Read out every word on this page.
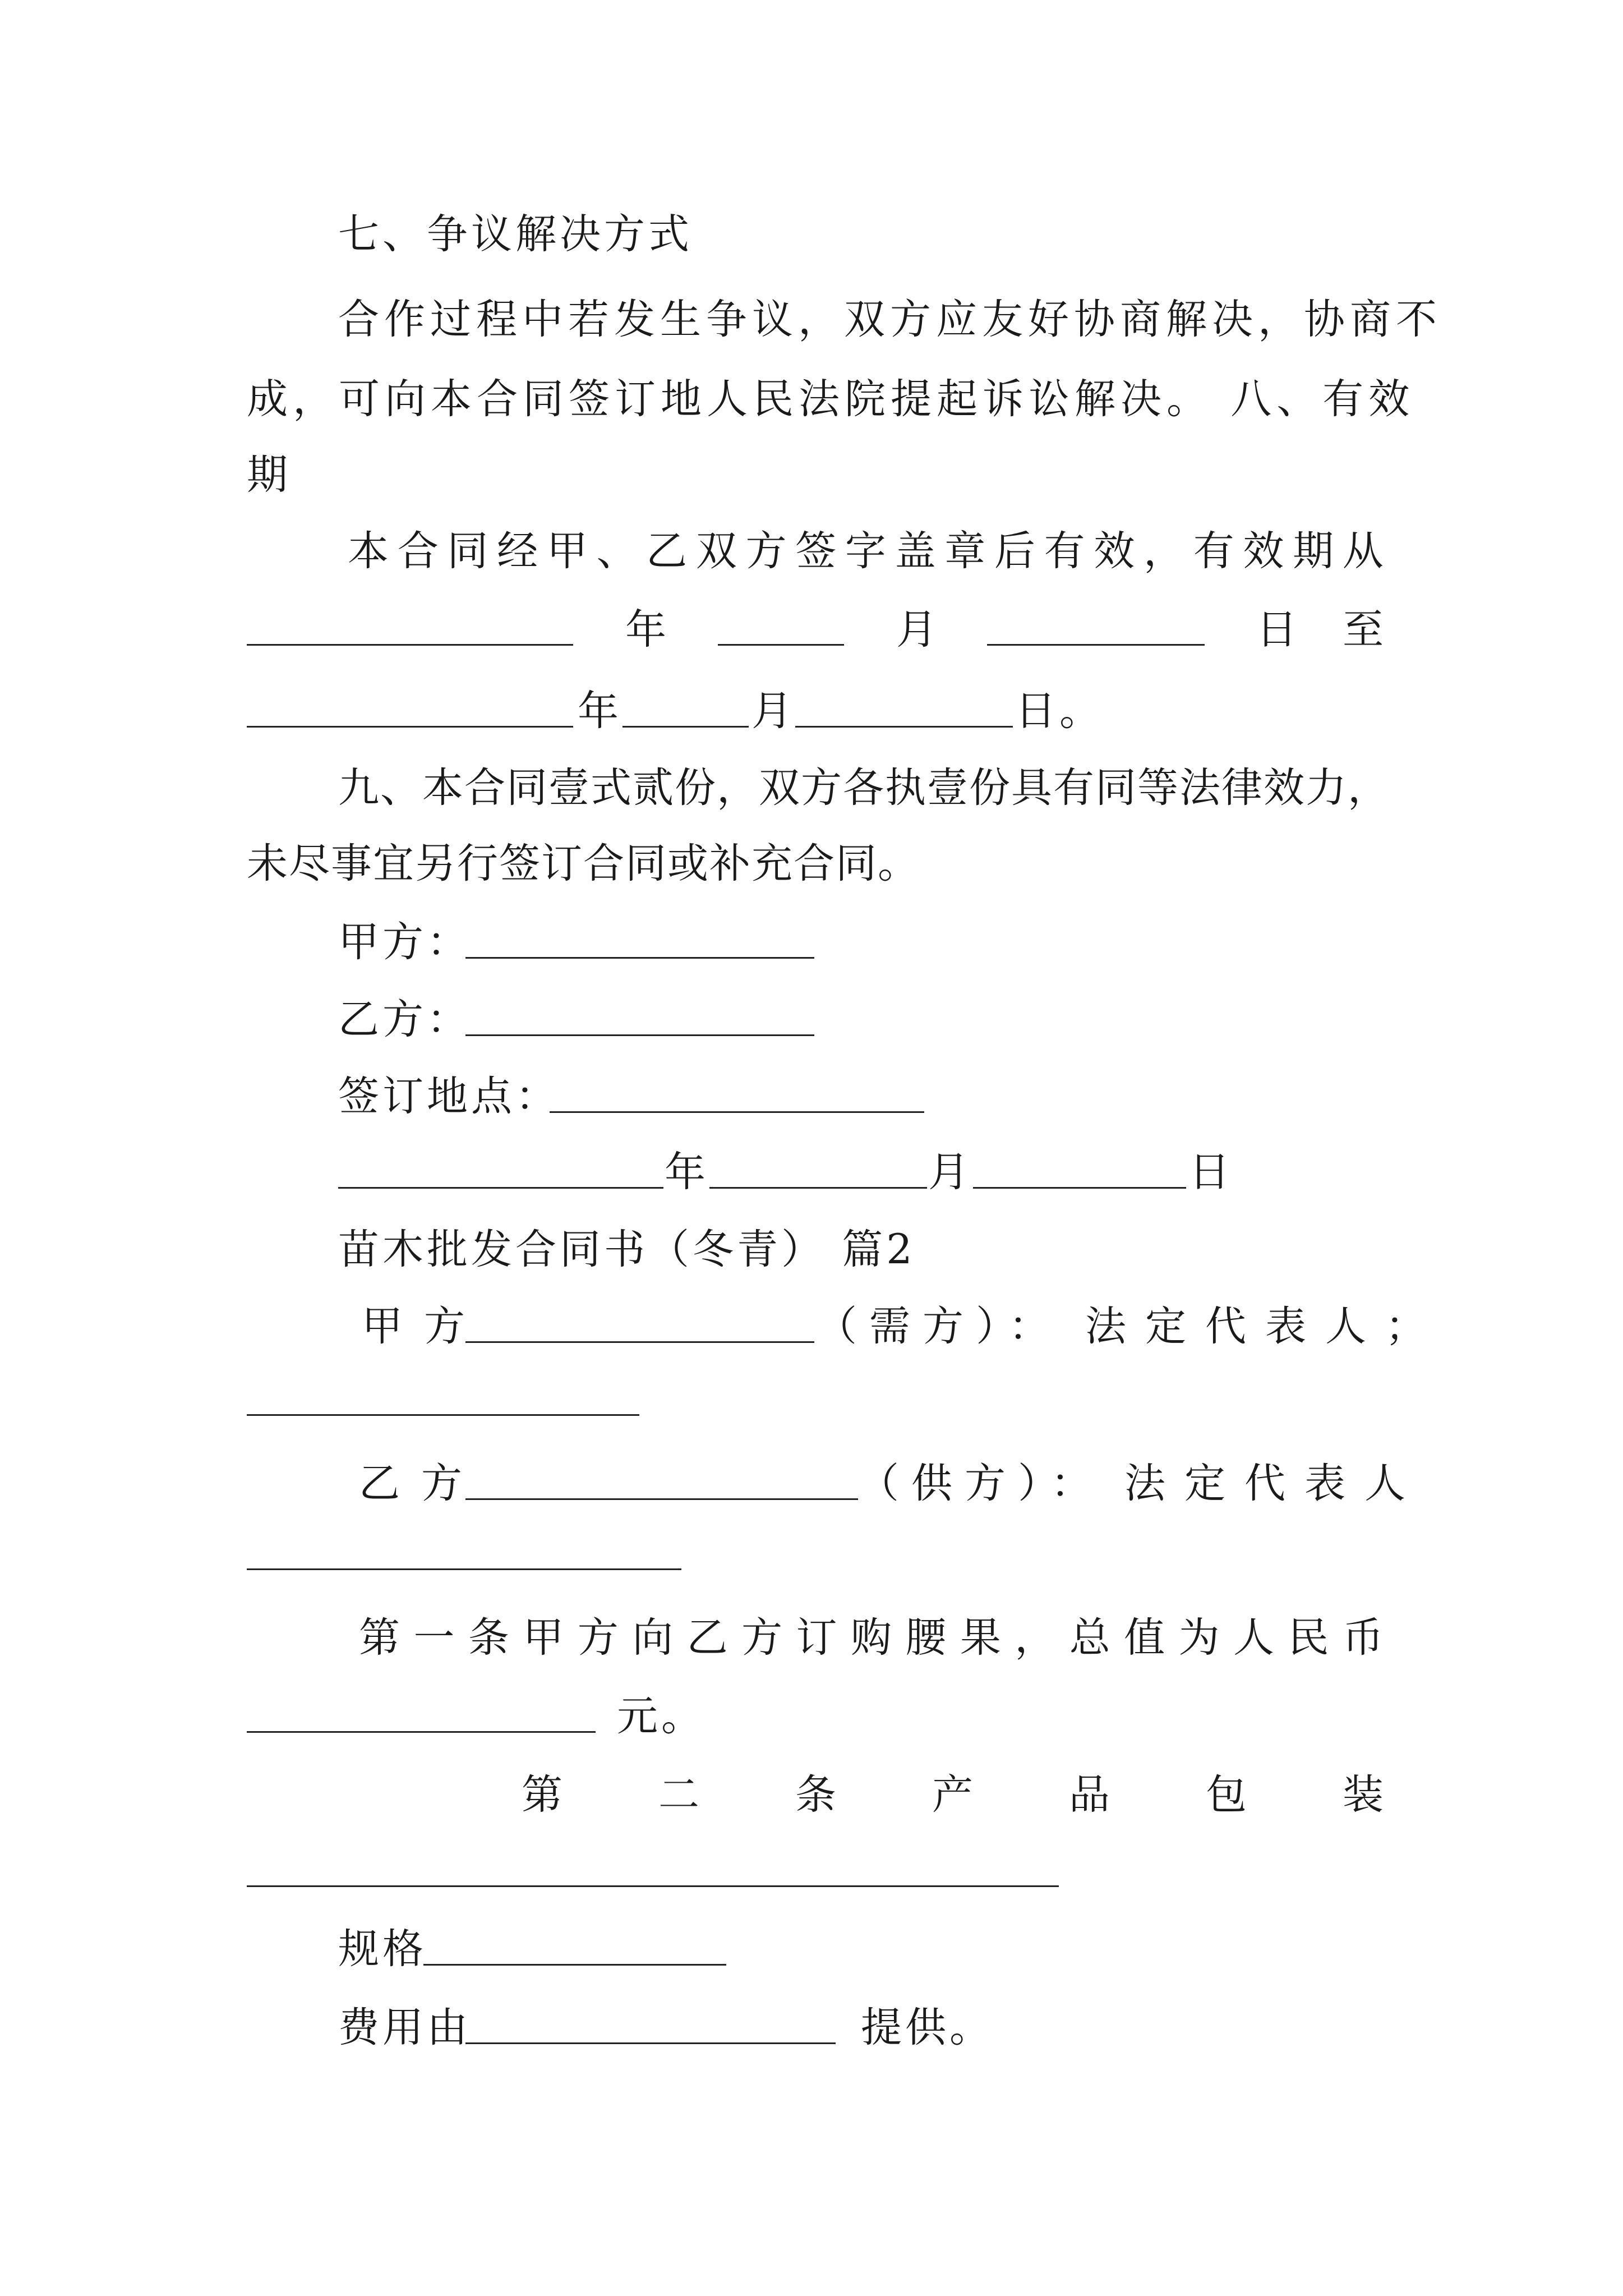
七、争议解决方式
合作过程中若发生争议，双方应友好协商解决，协商不
成，可向本合同签订地人民法院提起诉讼解决。 八、有效
期
本 合 同 经 甲 、 乙 双 方 签 字 盖 章 后 有 效 ， 有 效 期 从
年	月	日 至
年	月	日。
九、本合同壹式贰份，双方各执壹份具有同等法律效力，
未尽事宜另行签订合同或补充合同。
甲方：
乙方：
签订地点：
年	月	日
苗木批发合同书（冬青） 篇2
甲方	（需方）： 法定代表人；
乙方	（供方）： 法定代表人
第 一 条 甲 方 向 乙 方 订 购 腰 果 ， 总 值 为 人 民 币
元。
第 二 条 产 品 包 装
规格
费用由	提供。
